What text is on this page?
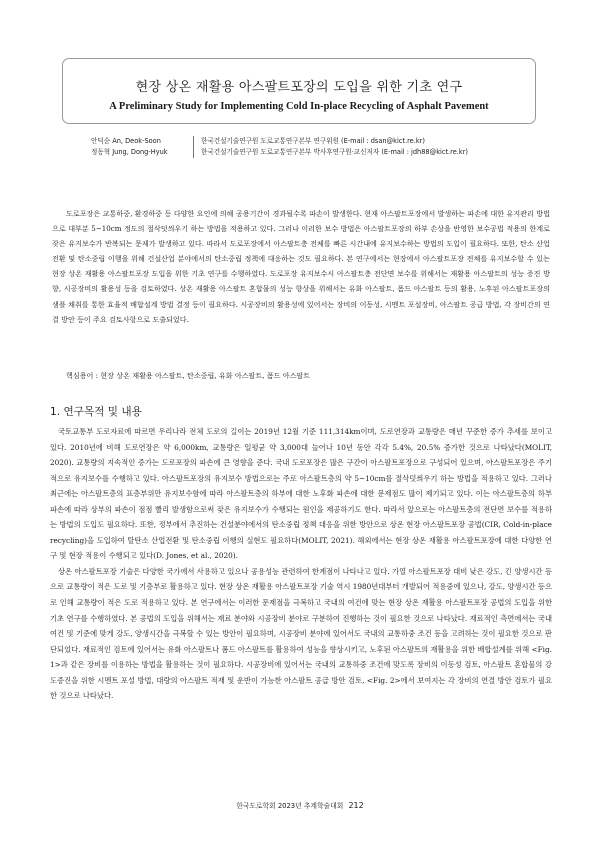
현장 상온 재활용 아스팔트포장의 도입을 위한 기초 연구
A Preliminary Study for Implementing Cold In-place Recycling of Asphalt Pavement
안덕순 An, Deok-Soon	한국건설기술연구원 도로교통연구본부 연구위원 (E-mail : dsan@kict.re.kr)
정동혁 Jung, Dong-Hyuk	한국건설기술연구원 도로교통연구본부 박사후연구원·교신저자 (E-mail : jdh88@kict.re.kr)
도로포장은 교통하중, 환경하중 등 다양한 요인에 의해 공용기간이 경과될수록 파손이 발생한다. 현재 아스팔트포장에서 발생하는 파손에 대한 유지관리 방법으로 대부분 5~10cm 정도의 절삭덧씌우기 하는 방법을 적용하고 있다. 그러나 이러한 보수 방법은 아스팔트포장의 하부 손상을 반영한 보수공법 적용의 한계로 잦은 유지보수가 반복되는 문제가 발생하고 있다. 따라서 도로포장에서 아스팔트층 전체를 빠른 시간내에 유지보수하는 방법의 도입이 필요하다. 또한, 탄소 산업전환 및 탄소중립 이행을 위해 건설산업 분야에서의 탄소중립 정책에 대응하는 것도 필요하다. 본 연구에서는 현장에서 아스팔트포장 전체를 유지보수할 수 있는 현장 상온 재활용 아스팔트포장 도입을 위한 기초 연구를 수행하였다. 도로포장 유지보수시 아스팔트층 전단면 보수를 위해서는 재활용 아스팔트의 성능 증진 방향, 시공장비의 활용성 등을 검토하였다. 상온 재활용 아스팔트 혼합물의 성능 향상을 위해서는 유화 아스팔트, 폼드 아스팔트 등의 활용, 노후된 아스팔트포장의 샘플 채취를 통한 효율적 배합설계 방법 결정 등이 필요하다. 시공장비의 활용성에 있어서는 장비의 이동성, 시멘트 포설장비, 아스팔트 공급 방법, 각 장비간의 연결 방안 등이 주요 검토사항으로 도출되었다.
핵심용어 : 현장 상온 재활용 아스팔트, 탄소중립, 유화 아스팔트, 폼드 아스팔트
1. 연구목적 및 내용

국토교통부 도로자료에 따르면 우리나라 전체 도로의 길이는 2019년 12월 기준 111,314km이며, 도로연장과 교통량은 매년 꾸준한 증가 추세를 보이고 있다. 2010년에 비해 도로연장은 약 6,000km, 교통량은 일평균 약 3,000대 늘어나 10년 동안 각각 5.4%, 20.5% 증가한 것으로 나타났다(MOLIT, 2020). 교통량의 지속적인 증가는 도로포장의 파손에 큰 영향을 준다. 국내 도로포장은 많은 구간이 아스팔트포장으로 구성되어 있으며, 아스팔트포장은 주기적으로 유지보수를 수행하고 있다. 아스팔트포장의 유지보수 방법으로는 주로 아스팔트층의 약 5~10cm를 절삭덧씌우기 하는 방법을 적용하고 있다. 그러나 최근에는 아스팔트층의 표층부위만 유지보수함에 따라 아스팔트층의 하부에 대한 노후화 파손에 대한 문제점도 많이 제기되고 있다. 이는 아스팔트층의 하부 파손에 따라 상부의 파손이 점점 빨리 발생함으로써 잦은 유지보수가 수행되는 원인을 제공하기도 한다. 따라서 앞으로는 아스팔트층의 전단면 보수를 적용하는 방법의 도입도 필요하다. 또한, 정부에서 추진하는 건설분야에서의 탄소중립 정책 대응을 위한 방안으로 상온 현장 아스팔트포장 공법(CIR, Cold-in-place recycling)을 도입하여 탈탄소 산업전환 및 탄소중립 이행의 실현도 필요하다(MOLIT, 2021). 해외에서는 현장 상온 재활용 아스팔트포장에 대한 다양한 연구 및 현장 적용이 수행되고 있다(D. Jones, et al., 2020).

상온 아스팔트포장 기술은 다양한 국가에서 사용하고 있으나 공용성능 관련하여 한계점이 나타나고 있다. 가열 아스팔트포장 대비 낮은 강도, 긴 양생시간 등으로 교통량이 적은 도로 및 기층부로 활용하고 있다. 현장 상온 재활용 아스팔트포장 기술 역시 1980년대부터 개발되어 적용중에 있으나, 강도, 양생시간 등으로 인해 교통량이 적은 도로 적용하고 있다. 본 연구에서는 이러한 문제점을 극복하고 국내의 여건에 맞는 현장 상온 재활용 아스팔트포장 공법의 도입을 위한 기초 연구를 수행하였다. 본 공법의 도입을 위해서는 재료 분야와 시공장비 분야로 구분하여 진행하는 것이 필요한 것으로 나타났다. 재료적인 측면에서는 국내 여건 및 기준에 맞게 강도, 양생시간을 극복할 수 있는 방안이 필요하며, 시공장비 분야에 있어서도 국내의 교통하중 조건 등을 고려하는 것이 필요한 것으로 판단되었다. 재료적인 검토에 있어서는 유화 아스팔트나 폼드 아스팔트를 활용하여 성능을 향상시키고, 노후된 아스팔트의 재활용을 위한 배합설계를 위해 <Fig. 1>과 같은 장비를 이용하는 방법을 활용하는 것이 필요하다. 시공장비에 있어서는 국내의 교통하중 조건에 맞도록 장비의 이동성 검토, 아스팔트 혼합물의 강도증진을 위한 시멘트 포설 방법, 대량의 아스팔트 적재 및 운반이 가능한 아스팔트 공급 방안 검토, <Fig. 2>에서 보여지는 각 장비의 연결 방안 검토가 필요한 것으로 나타났다.

한국도로학회 2023년 추계학술대회 212
